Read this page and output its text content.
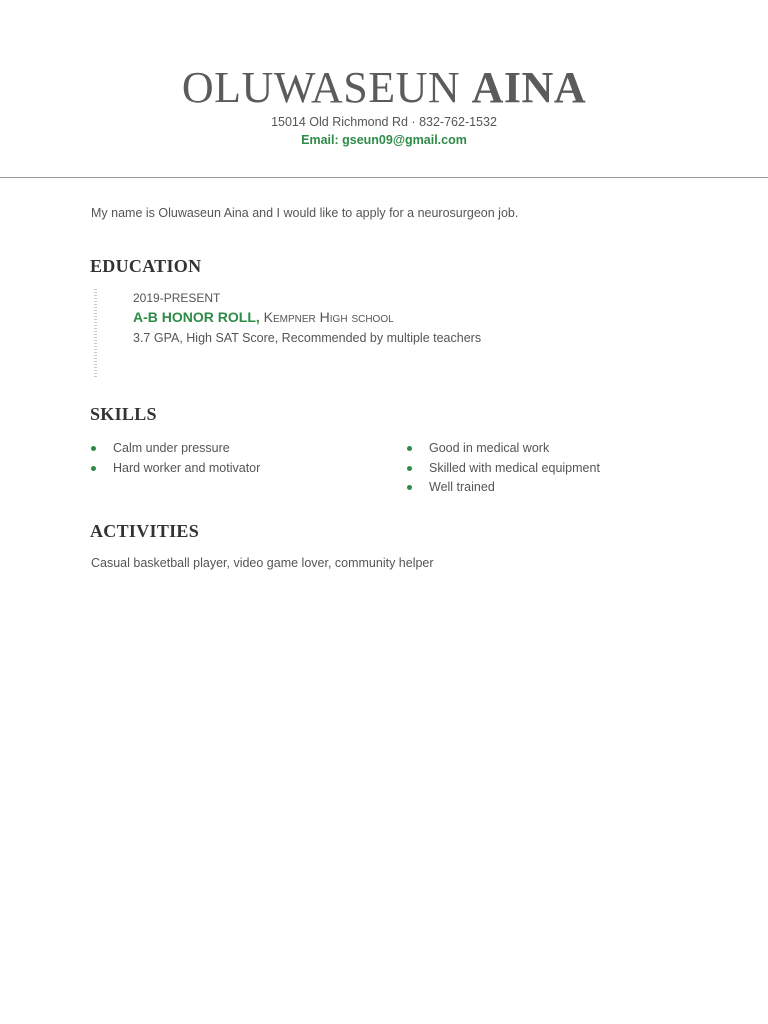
OLUWASEUN AINA
15014 Old Richmond Rd · 832-762-1532
Email: gseun09@gmail.com
My name is Oluwaseun Aina and I would like to apply for a neurosurgeon job.
EDUCATION
2019-PRESENT
A-B HONOR ROLL, Kempner High school
3.7 GPA, High SAT Score, Recommended by multiple teachers
SKILLS
Calm under pressure
Hard worker and motivator
Good in medical work
Skilled with medical equipment
Well trained
ACTIVITIES
Casual basketball player, video game lover, community helper
